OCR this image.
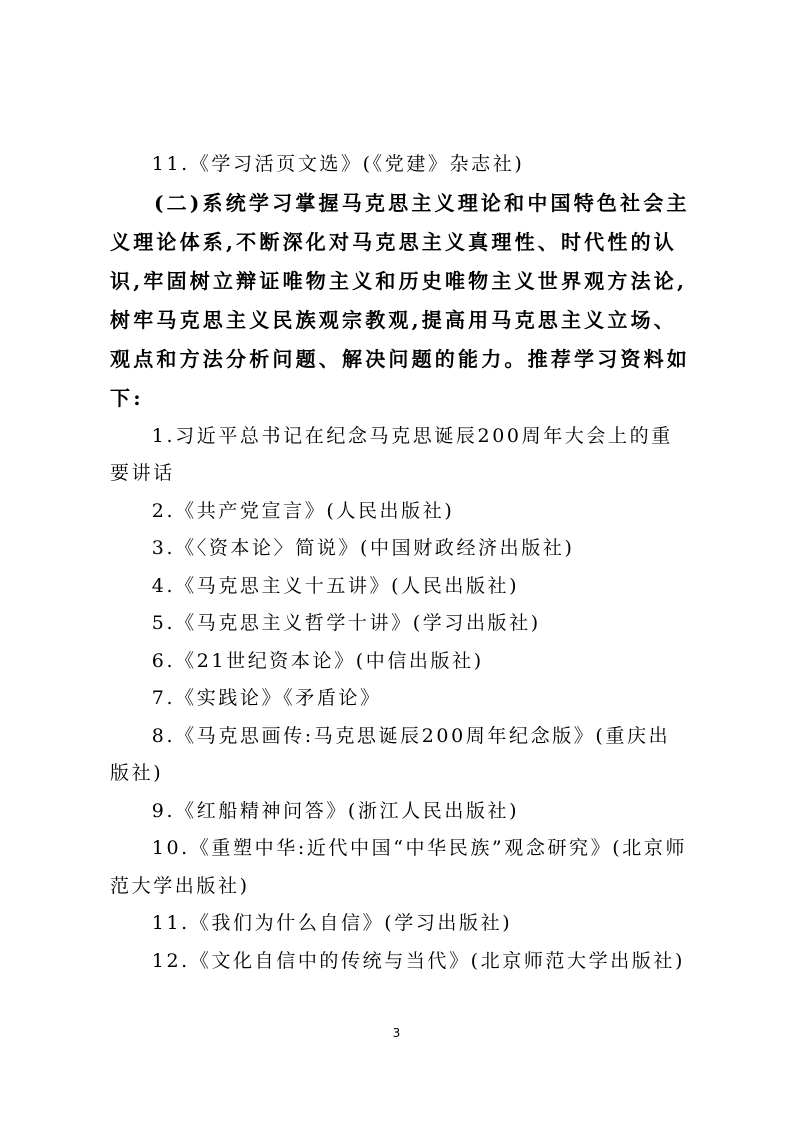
11.《学习活页文选》(《党建》杂志社)

(二)系统学习掌握马克思主义理论和中国特色社会主义理论体系,不断深化对马克思主义真理性、时代性的认识,牢固树立辩证唯物主义和历史唯物主义世界观方法论,树牢马克思主义民族观宗教观,提高用马克思主义立场、观点和方法分析问题、解决问题的能力。推荐学习资料如下:

1.习近平总书记在纪念马克思诞辰200周年大会上的重要讲话

2.《共产党宣言》(人民出版社)

3.《〈资本论〉简说》(中国财政经济出版社)

4.《马克思主义十五讲》(人民出版社)

5.《马克思主义哲学十讲》(学习出版社)

6.《21世纪资本论》(中信出版社)

7.《实践论》《矛盾论》

8.《马克思画传:马克思诞辰200周年纪念版》(重庆出版社)

9.《红船精神问答》(浙江人民出版社)

10.《重塑中华:近代中国“中华民族”观念研究》(北京师范大学出版社)

11.《我们为什么自信》(学习出版社)

12.《文化自信中的传统与当代》(北京师范大学出版社)

3
